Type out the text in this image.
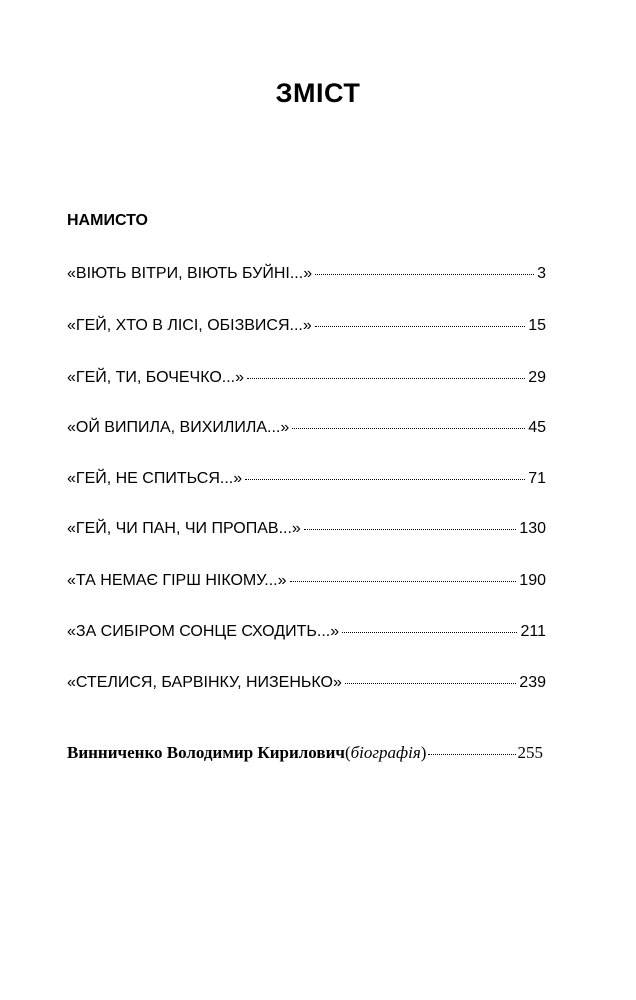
ЗМІСТ
НАМИСТО
«ВІЮТЬ ВІТРИ, ВІЮТЬ БУЙНІ...»	3
«ГЕЙ, ХТО В ЛІСІ, ОБІЗВИСЯ...»	15
«ГЕЙ, ТИ, БОЧЕЧКО...»	29
«ОЙ ВИПИЛА, ВИХИЛИЛА...»	45
«ГЕЙ, НЕ СПИТЬСЯ...»	71
«ГЕЙ, ЧИ ПАН, ЧИ ПРОПАВ...»	130
«ТА НЕМАЄ ГІРШ НІКОМУ...»	190
«ЗА СИБІРОМ СОНЦЕ СХОДИТЬ...»	211
«СТЕЛИСЯ, БАРВІНКУ, НИЗЕНЬКО»	239
Винниченко Володимир Кирилович ( біографія )	255
